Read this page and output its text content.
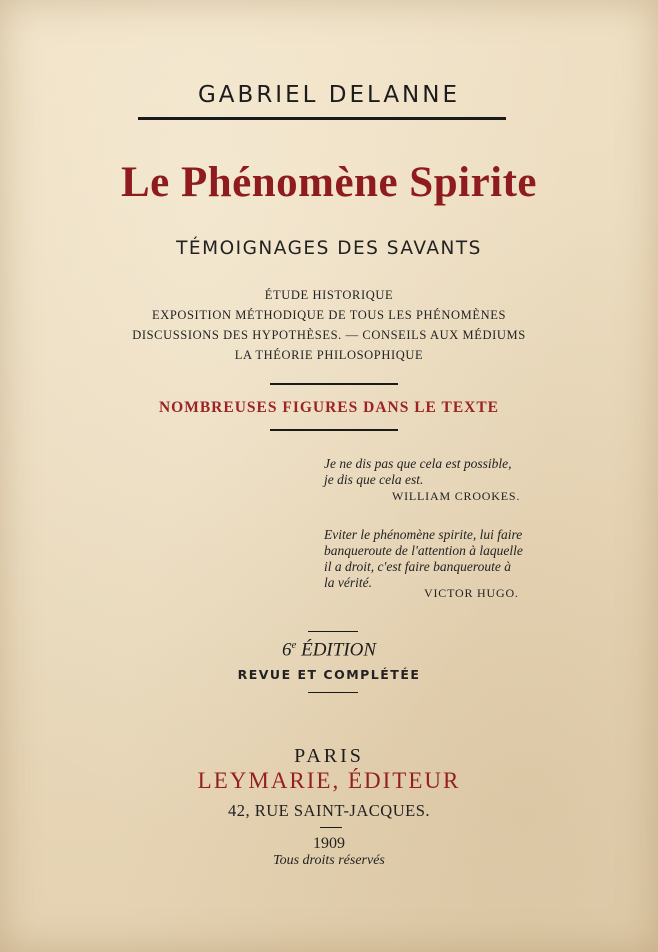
GABRIEL DELANNE
Le Phénomène Spirite
TÉMOIGNAGES DES SAVANTS
ÉTUDE HISTORIQUE
EXPOSITION MÉTHODIQUE DE TOUS LES PHÉNOMÈNES
DISCUSSIONS DES HYPOTHÈSES. — CONSEILS AUX MÉDIUMS
LA THÉORIE PHILOSOPHIQUE
NOMBREUSES FIGURES DANS LE TEXTE
Je ne dis pas que cela est possible,
je dis que cela est.
WILLIAM CROOKES.
Eviter le phénomène spirite, lui faire
banqueroute de l'attention à laquelle
il a droit, c'est faire banqueroute à
la vérité.
VICTOR HUGO.
6e ÉDITION
REVUE ET COMPLÉTÉE
PARIS
LEYMARIE, ÉDITEUR
42, RUE SAINT-JACQUES.
1909
Tous droits réservés
